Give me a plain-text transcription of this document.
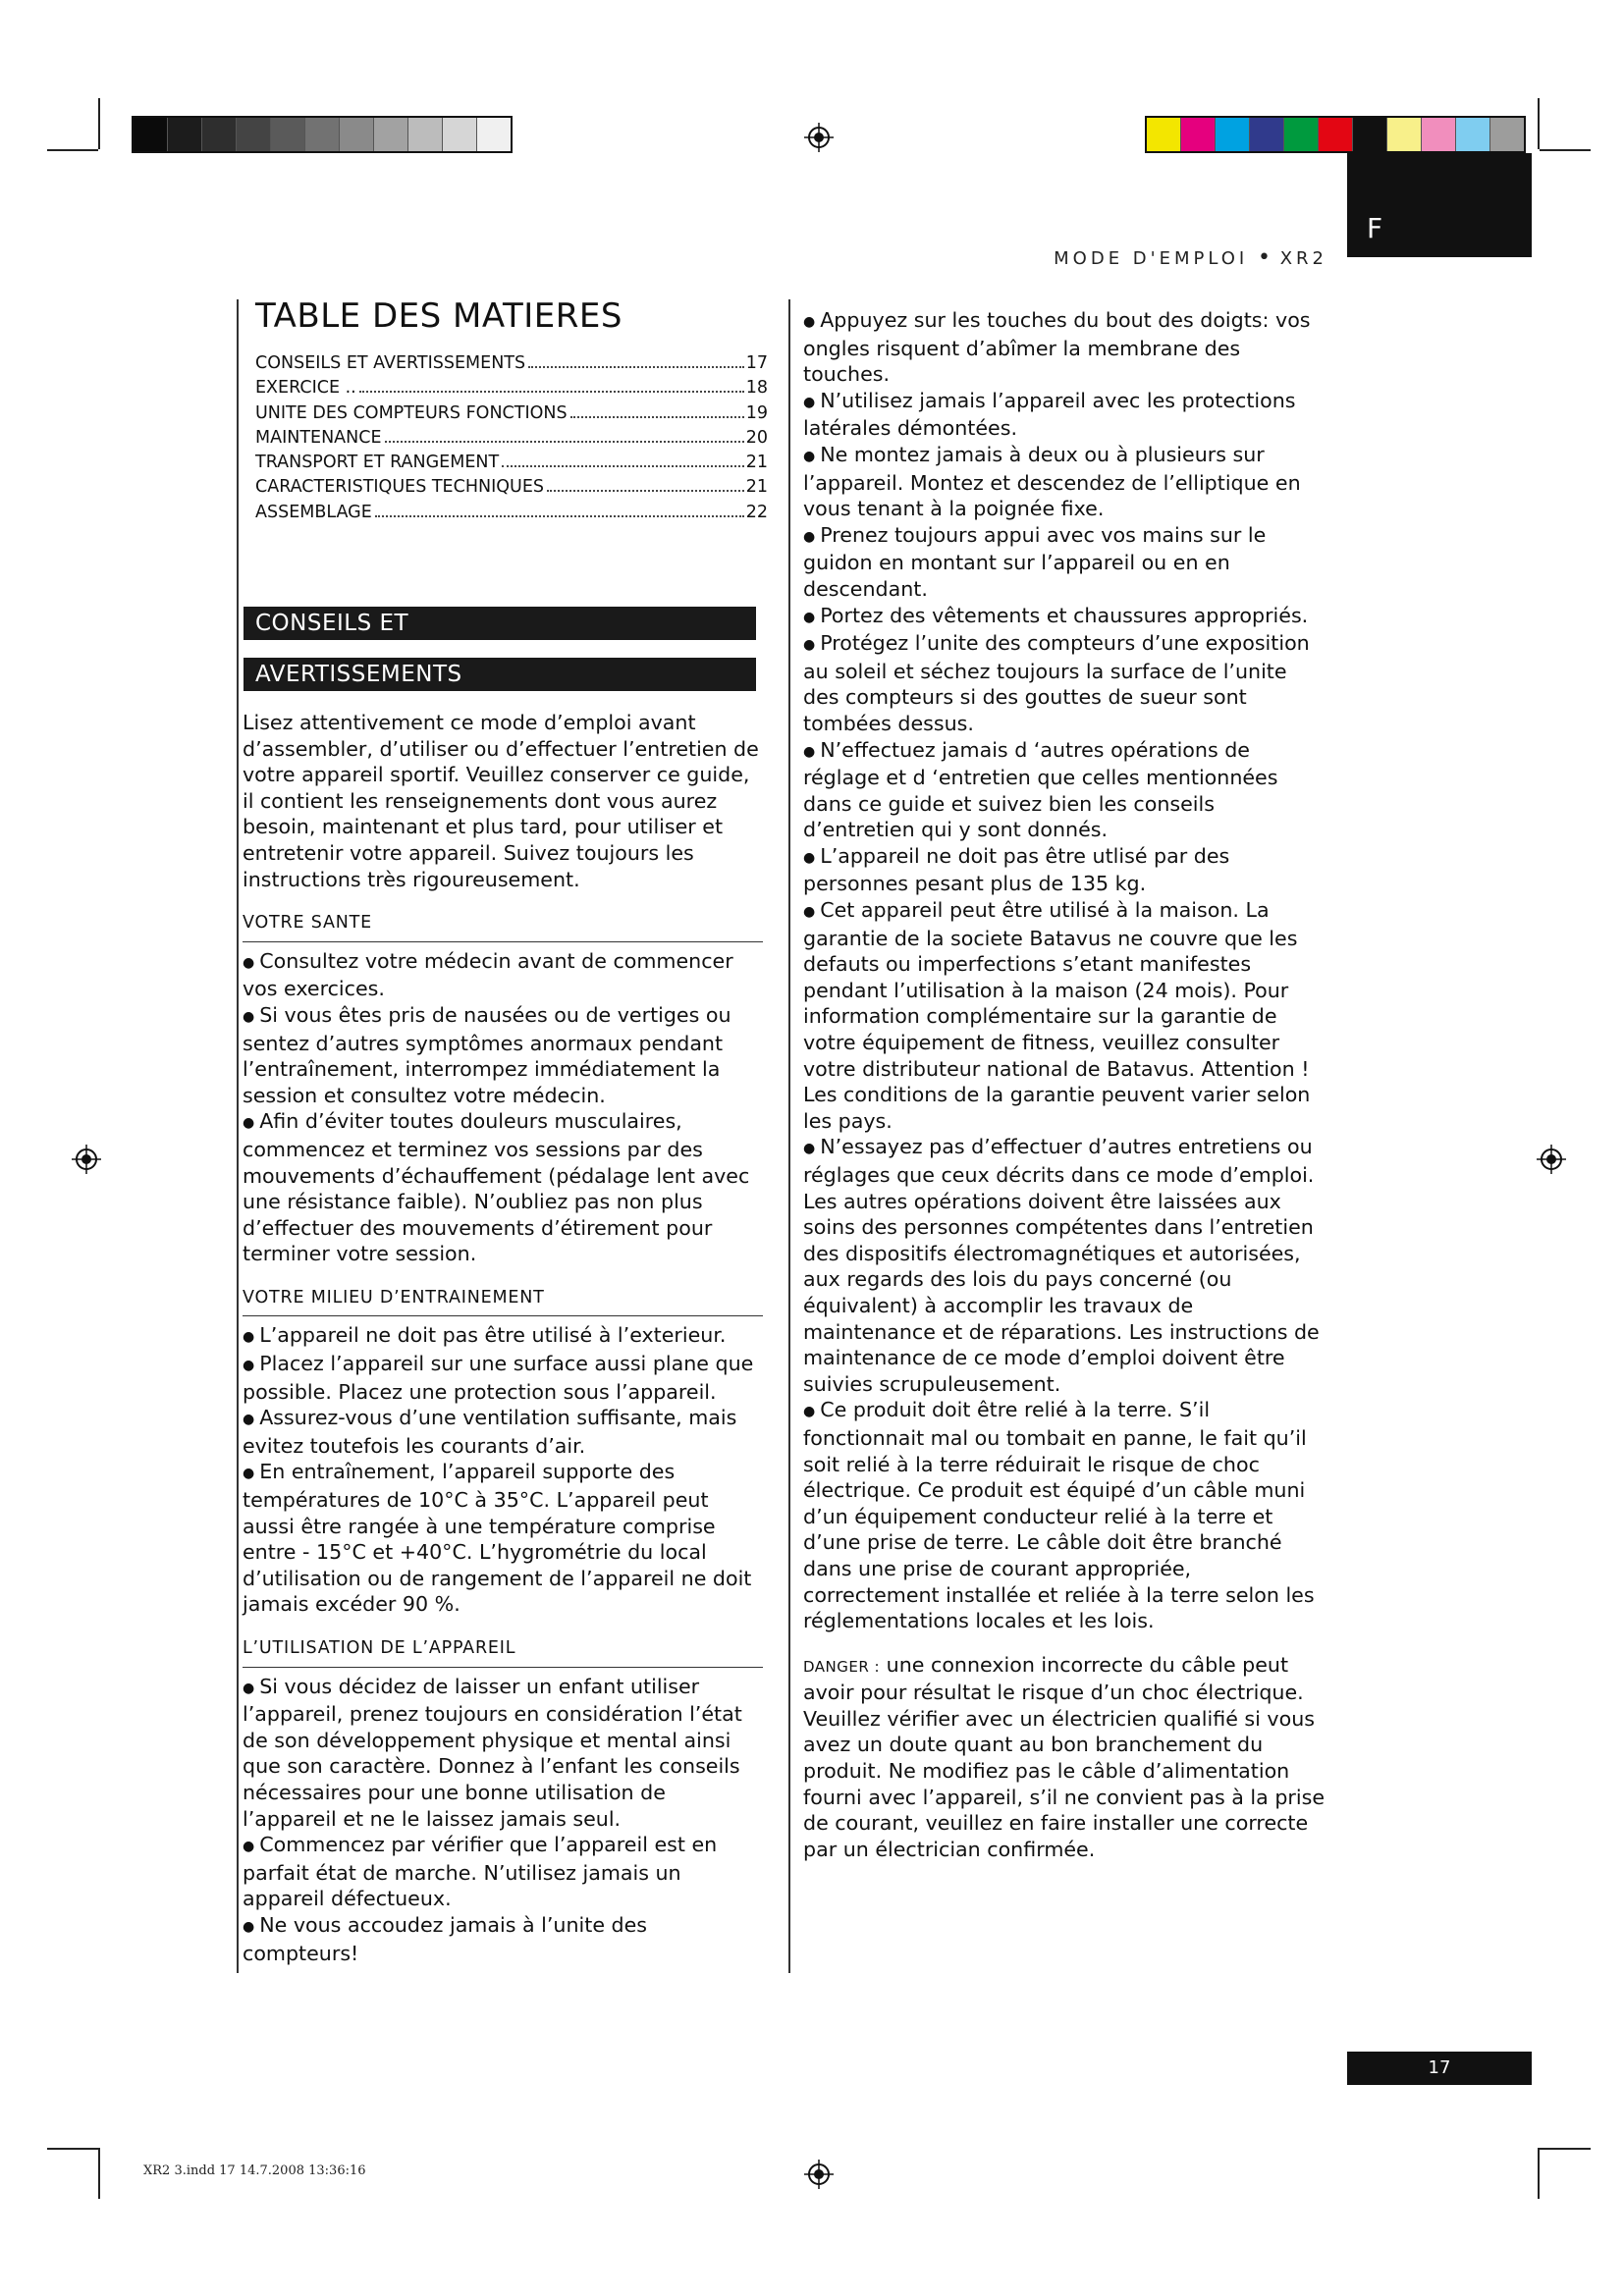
F
MODE D'EMPLOI • XR2
TABLE DES MATIERES
CONSEILS ET AVERTISSEMENTS	17
EXERCICE ..	18
UNITE DES COMPTEURS FONCTIONS	19
MAINTENANCE	20
TRANSPORT ET RANGEMENT	21
CARACTERISTIQUES TECHNIQUES	21
ASSEMBLAGE	22
CONSEILS ET
AVERTISSEMENTS

Lisez attentivement ce mode d’emploi avant d’assembler, d’utiliser ou d’effectuer l’entretien de votre appareil sportif. Veuillez conserver ce guide, il contient les renseignements dont vous aurez besoin, maintenant et plus tard, pour utiliser et entretenir votre appareil. Suivez toujours les instructions très rigoureusement.

VOTRE SANTE

● Consultez votre médecin avant de commencer vos exercices.

● Si vous êtes pris de nausées ou de vertiges ou sentez d’autres symptômes anormaux pendant l’entraînement, interrompez immédiatement la session et consultez votre médecin.

● Afin d’éviter toutes douleurs musculaires, commencez et terminez vos sessions par des mouvements d’échauffement (pédalage lent avec une résistance faible). N’oubliez pas non plus d’effectuer des mouvements d’étirement pour terminer votre session.

VOTRE MILIEU D’ENTRAINEMENT

● L’appareil ne doit pas être utilisé à l’exterieur.

● Placez l’appareil sur une surface aussi plane que possible. Placez une protection sous l’appareil.

● Assurez-vous d’une ventilation suffisante, mais evitez toutefois les courants d’air.

● En entraînement, l’appareil supporte des températures de 10°C à 35°C. L’appareil peut aussi être rangée à une température comprise entre - 15°C et +40°C. L’hygrométrie du local d’utilisation ou de rangement de l’appareil ne doit jamais excéder 90 %.

L’UTILISATION DE L’APPAREIL

● Si vous décidez de laisser un enfant utiliser l’appareil, prenez toujours en considération l’état de son développement physique et mental ainsi que son caractère. Donnez à l’enfant les conseils nécessaires pour une bonne utilisation de l’appareil et ne le laissez jamais seul.

● Commencez par vérifier que l’appareil est en parfait état de marche. N’utilisez jamais un appareil défectueux.

● Ne vous accoudez jamais à l’unite des compteurs!

● Appuyez sur les touches du bout des doigts: vos ongles risquent d’abîmer la membrane des touches.

● N’utilisez jamais l’appareil avec les protections latérales démontées.

● Ne montez jamais à deux ou à plusieurs sur l’appareil. Montez et descendez de l’elliptique en vous tenant à la poignée fixe.

● Prenez toujours appui avec vos mains sur le guidon en montant sur l’appareil ou en en descendant.

● Portez des vêtements et chaussures appropriés.

● Protégez l’unite des compteurs d’une exposition au soleil et séchez toujours la surface de l’unite des compteurs si des gouttes de sueur sont tombées dessus.

● N’effectuez jamais d ‘autres opérations de réglage et d ‘entretien que celles mentionnées dans ce guide et suivez bien les conseils d’entretien qui y sont donnés.

● L’appareil ne doit pas être utlisé par des personnes pesant plus de 135 kg.

● Cet appareil peut être utilisé à la maison. La garantie de la societe Batavus ne couvre que les defauts ou imperfections s’etant manifestes pendant l’utilisation à la maison (24 mois). Pour information complémentaire sur la garantie de votre équipement de fitness, veuillez consulter votre distributeur national de Batavus. Attention ! Les conditions de la garantie peuvent varier selon les pays.

● N’essayez pas d’effectuer d’autres entretiens ou réglages que ceux décrits dans ce mode d’emploi. Les autres opérations doivent être laissées aux soins des personnes compétentes dans l’entretien des dispositifs électromagnétiques et autorisées, aux regards des lois du pays concerné (ou équivalent) à accomplir les travaux de maintenance et de réparations. Les instructions de maintenance de ce mode d’emploi doivent être suivies scrupuleusement.

● Ce produit doit être relié à la terre. S’il fonctionnait mal ou tombait en panne, le fait qu’il soit relié à la terre réduirait le risque de choc électrique. Ce produit est équipé d’un câble muni d’un équipement conducteur relié à la terre et d’une prise de terre. Le câble doit être branché dans une prise de courant appropriée, correctement installée et reliée à la terre selon les réglementations locales et les lois.

DANGER : une connexion incorrecte du câble peut avoir pour résultat le risque d’un choc électrique. Veuillez vérifier avec un électricien qualifié si vous avez un doute quant au bon branchement du produit. Ne modifiez pas le câble d’alimentation fourni avec l’appareil, s’il ne convient pas à la prise de courant, veuillez en faire installer une correcte par un électrician confirmée.

17
XR2 3.indd 17 14.7.2008 13:36:16
